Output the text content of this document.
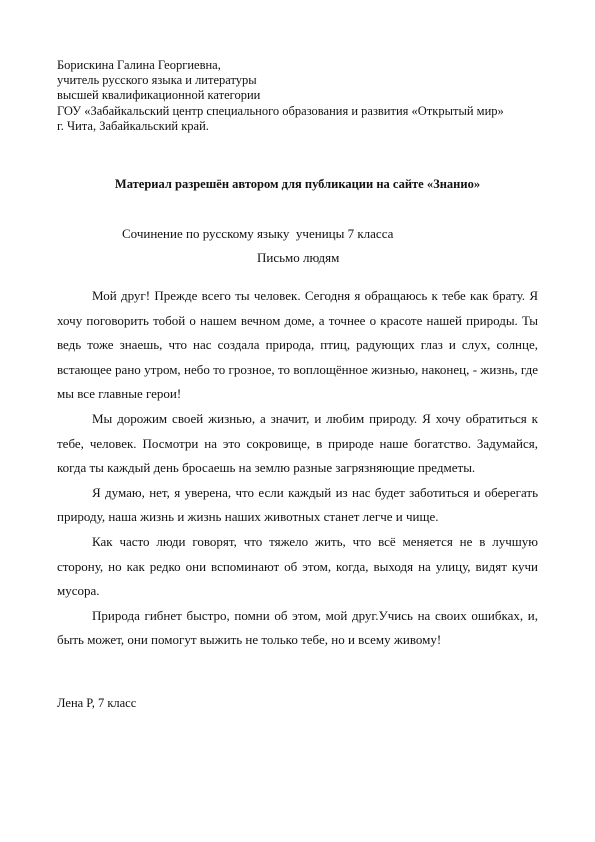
Борискина Галина Георгиевна,
учитель русского языка и литературы
высшей квалификационной категории
ГОУ «Забайкальский центр специального образования и развития «Открытый мир»
г. Чита, Забайкальский край.
Материал разрешён автором для публикации на сайте «Знанио»
Сочинение по русскому языку  ученицы 7 класса
Письмо людям

Мой друг! Прежде всего ты человек. Сегодня я обращаюсь к тебе как брату. Я хочу поговорить тобой о нашем вечном доме, а точнее о красоте нашей природы. Ты ведь тоже знаешь, что нас создала природа, птиц, радующих глаз и слух, солнце, встающее рано утром, небо то грозное, то воплощённое жизнью, наконец, - жизнь, где мы все главные герои!

Мы дорожим своей жизнью, а значит, и любим природу. Я хочу обратиться к тебе, человек. Посмотри на это сокровище, в природе наше богатство. Задумайся, когда ты каждый день бросаешь на землю разные загрязняющие предметы.

Я думаю, нет, я уверена, что если каждый из нас будет заботиться и оберегать природу, наша жизнь и жизнь наших животных станет легче и чище.

Как часто люди говорят, что тяжело жить, что всё меняется не в лучшую сторону, но как редко они вспоминают об этом, когда, выходя на улицу, видят кучи мусора.

Природа гибнет быстро, помни об этом, мой друг.Учись на своих ошибках, и, быть может, они помогут выжить не только тебе, но и всему живому!

Лена Р, 7 класс
